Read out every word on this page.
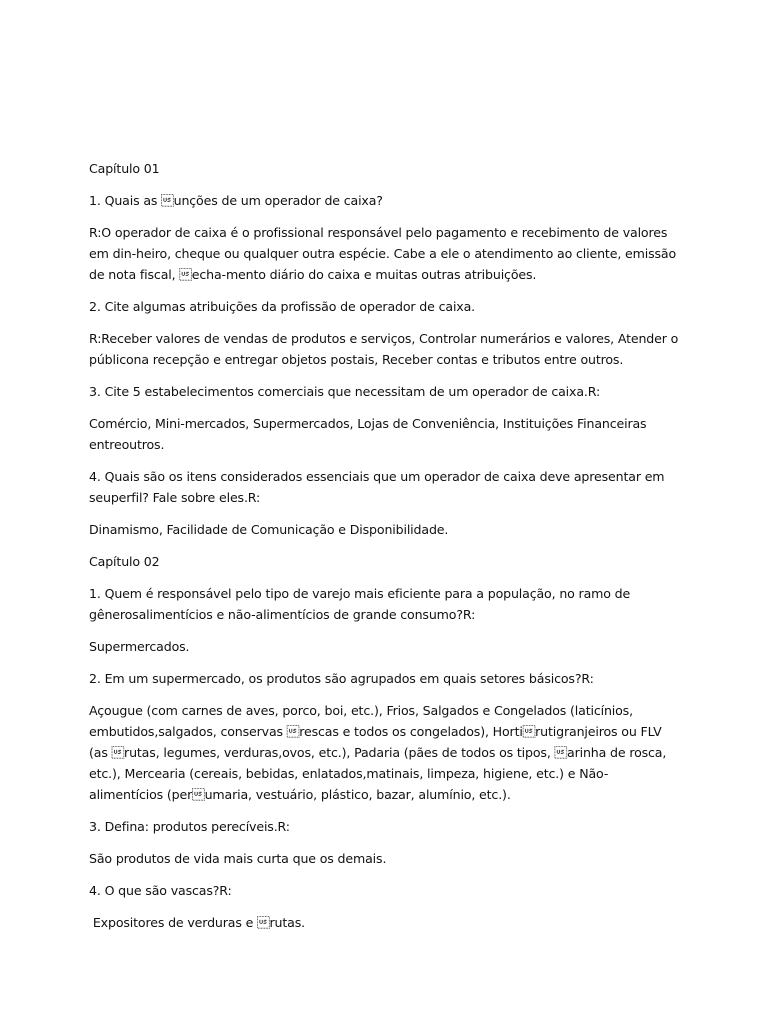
Capítulo 01

1. Quais as unções de um operador de caixa?

R:O operador de caixa é o profissional responsável pelo pagamento e recebimento de valores em din-heiro, cheque ou qualquer outra espécie. Cabe a ele o atendimento ao cliente, emissão de nota fiscal, echa-mento diário do caixa e muitas outras atribuições.

2. Cite algumas atribuições da profissão de operador de caixa.

R:Receber valores de vendas de produtos e serviços, Controlar numerários e valores, Atender o públicona recepção e entregar objetos postais, Receber contas e tributos entre outros.

3. Cite 5 estabelecimentos comerciais que necessitam de um operador de caixa.R:

Comércio, Mini-mercados, Supermercados, Lojas de Conveniência, Instituições Financeiras entreoutros.

4. Quais são os itens considerados essenciais que um operador de caixa deve apresentar em seuperfil? Fale sobre eles.R:

Dinamismo, Facilidade de Comunicação e Disponibilidade.

Capítulo 02

1. Quem é responsável pelo tipo de varejo mais eficiente para a população, no ramo de gênerosalimentícios e não-alimentícios de grande consumo?R:

Supermercados.

2. Em um supermercado, os produtos são agrupados em quais setores básicos?R:

Açougue (com carnes de aves, porco, boi, etc.), Frios, Salgados e Congelados (laticínios, embutidos,salgados, conservas rescas e todos os congelados), Hortirutigranjeiros ou FLV (as rutas, legumes, verduras,ovos, etc.), Padaria (pães de todos os tipos, arinha de rosca, etc.), Mercearia (cereais, bebidas, enlatados,matinais, limpeza, higiene, etc.) e Não-alimentícios (perumaria, vestuário, plástico, bazar, alumínio, etc.).

3. Defina: produtos perecíveis.R:

São produtos de vida mais curta que os demais.

4. O que são vascas?R:

Expositores de verduras e rutas.
